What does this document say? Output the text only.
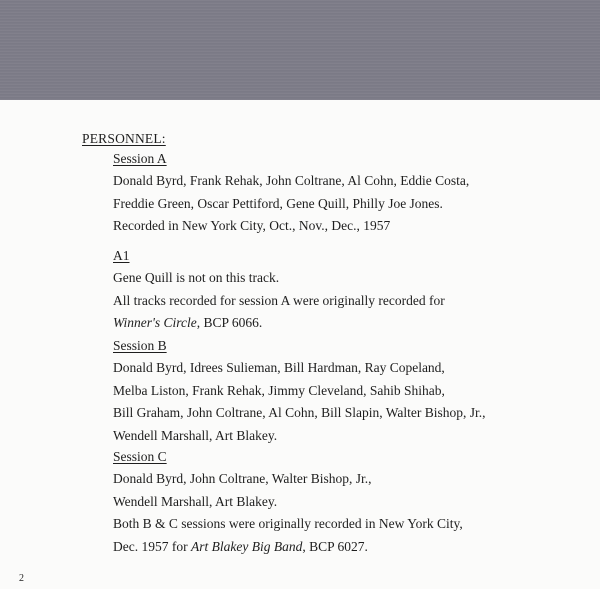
PERSONNEL:
Session A
Donald Byrd, Frank Rehak, John Coltrane, Al Cohn, Eddie Costa,
Freddie Green, Oscar Pettiford, Gene Quill, Philly Joe Jones.
Recorded in New York City, Oct., Nov., Dec., 1957
A1
Gene Quill is not on this track.
All tracks recorded for session A were originally recorded for
Winner's Circle, BCP 6066.
Session B
Donald Byrd, Idrees Sulieman, Bill Hardman, Ray Copeland,
Melba Liston, Frank Rehak, Jimmy Cleveland, Sahib Shihab,
Bill Graham, John Coltrane, Al Cohn, Bill Slapin, Walter Bishop, Jr.,
Wendell Marshall, Art Blakey.
Session C
Donald Byrd, John Coltrane, Walter Bishop, Jr.,
Wendell Marshall, Art Blakey.
Both B & C sessions were originally recorded in New York City,
Dec. 1957 for Art Blakey Big Band, BCP 6027.
2
